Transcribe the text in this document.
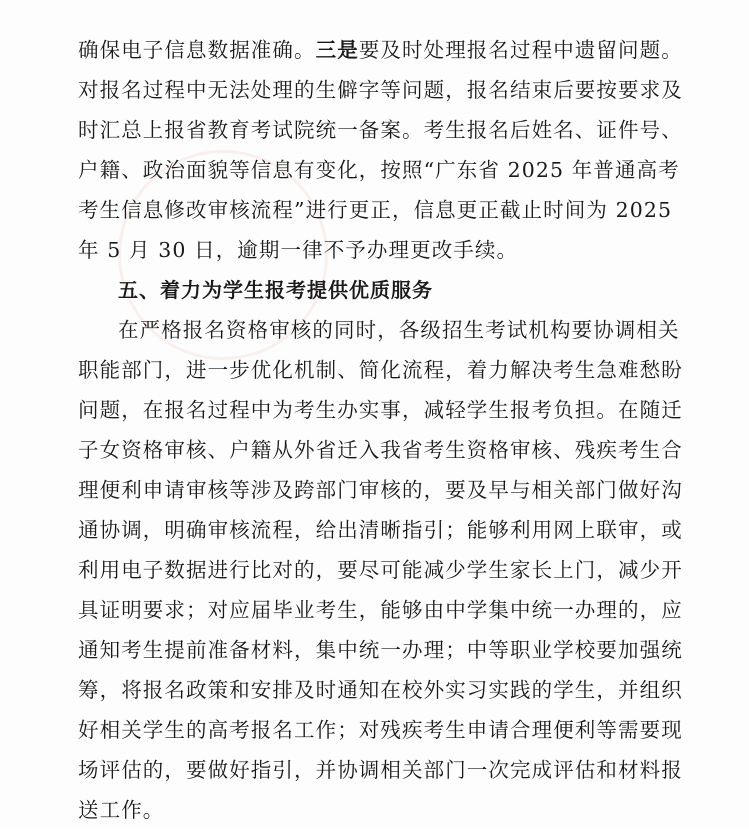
确保电子信息数据准确。三是要及时处理报名过程中遗留问题。
对报名过程中无法处理的生僻字等问题，报名结束后要按要求及
时汇总上报省教育考试院统一备案。考生报名后姓名、证件号、
户籍、政治面貌等信息有变化，按照“广东省 2025 年普通高考
考生信息修改审核流程”进行更正，信息更正截止时间为 2025
年 5 月 30 日，逾期一律不予办理更改手续。
五、着力为学生报考提供优质服务
在严格报名资格审核的同时，各级招生考试机构要协调相关
职能部门，进一步优化机制、简化流程，着力解决考生急难愁盼
问题，在报名过程中为考生办实事，减轻学生报考负担。在随迁
子女资格审核、户籍从外省迁入我省考生资格审核、残疾考生合
理便利申请审核等涉及跨部门审核的，要及早与相关部门做好沟
通协调，明确审核流程，给出清晰指引；能够利用网上联审，或
利用电子数据进行比对的，要尽可能减少学生家长上门，减少开
具证明要求；对应届毕业考生，能够由中学集中统一办理的，应
通知考生提前准备材料，集中统一办理；中等职业学校要加强统
筹，将报名政策和安排及时通知在校外实习实践的学生，并组织
好相关学生的高考报名工作；对残疾考生申请合理便利等需要现
场评估的，要做好指引，并协调相关部门一次完成评估和材料报
送工作。
